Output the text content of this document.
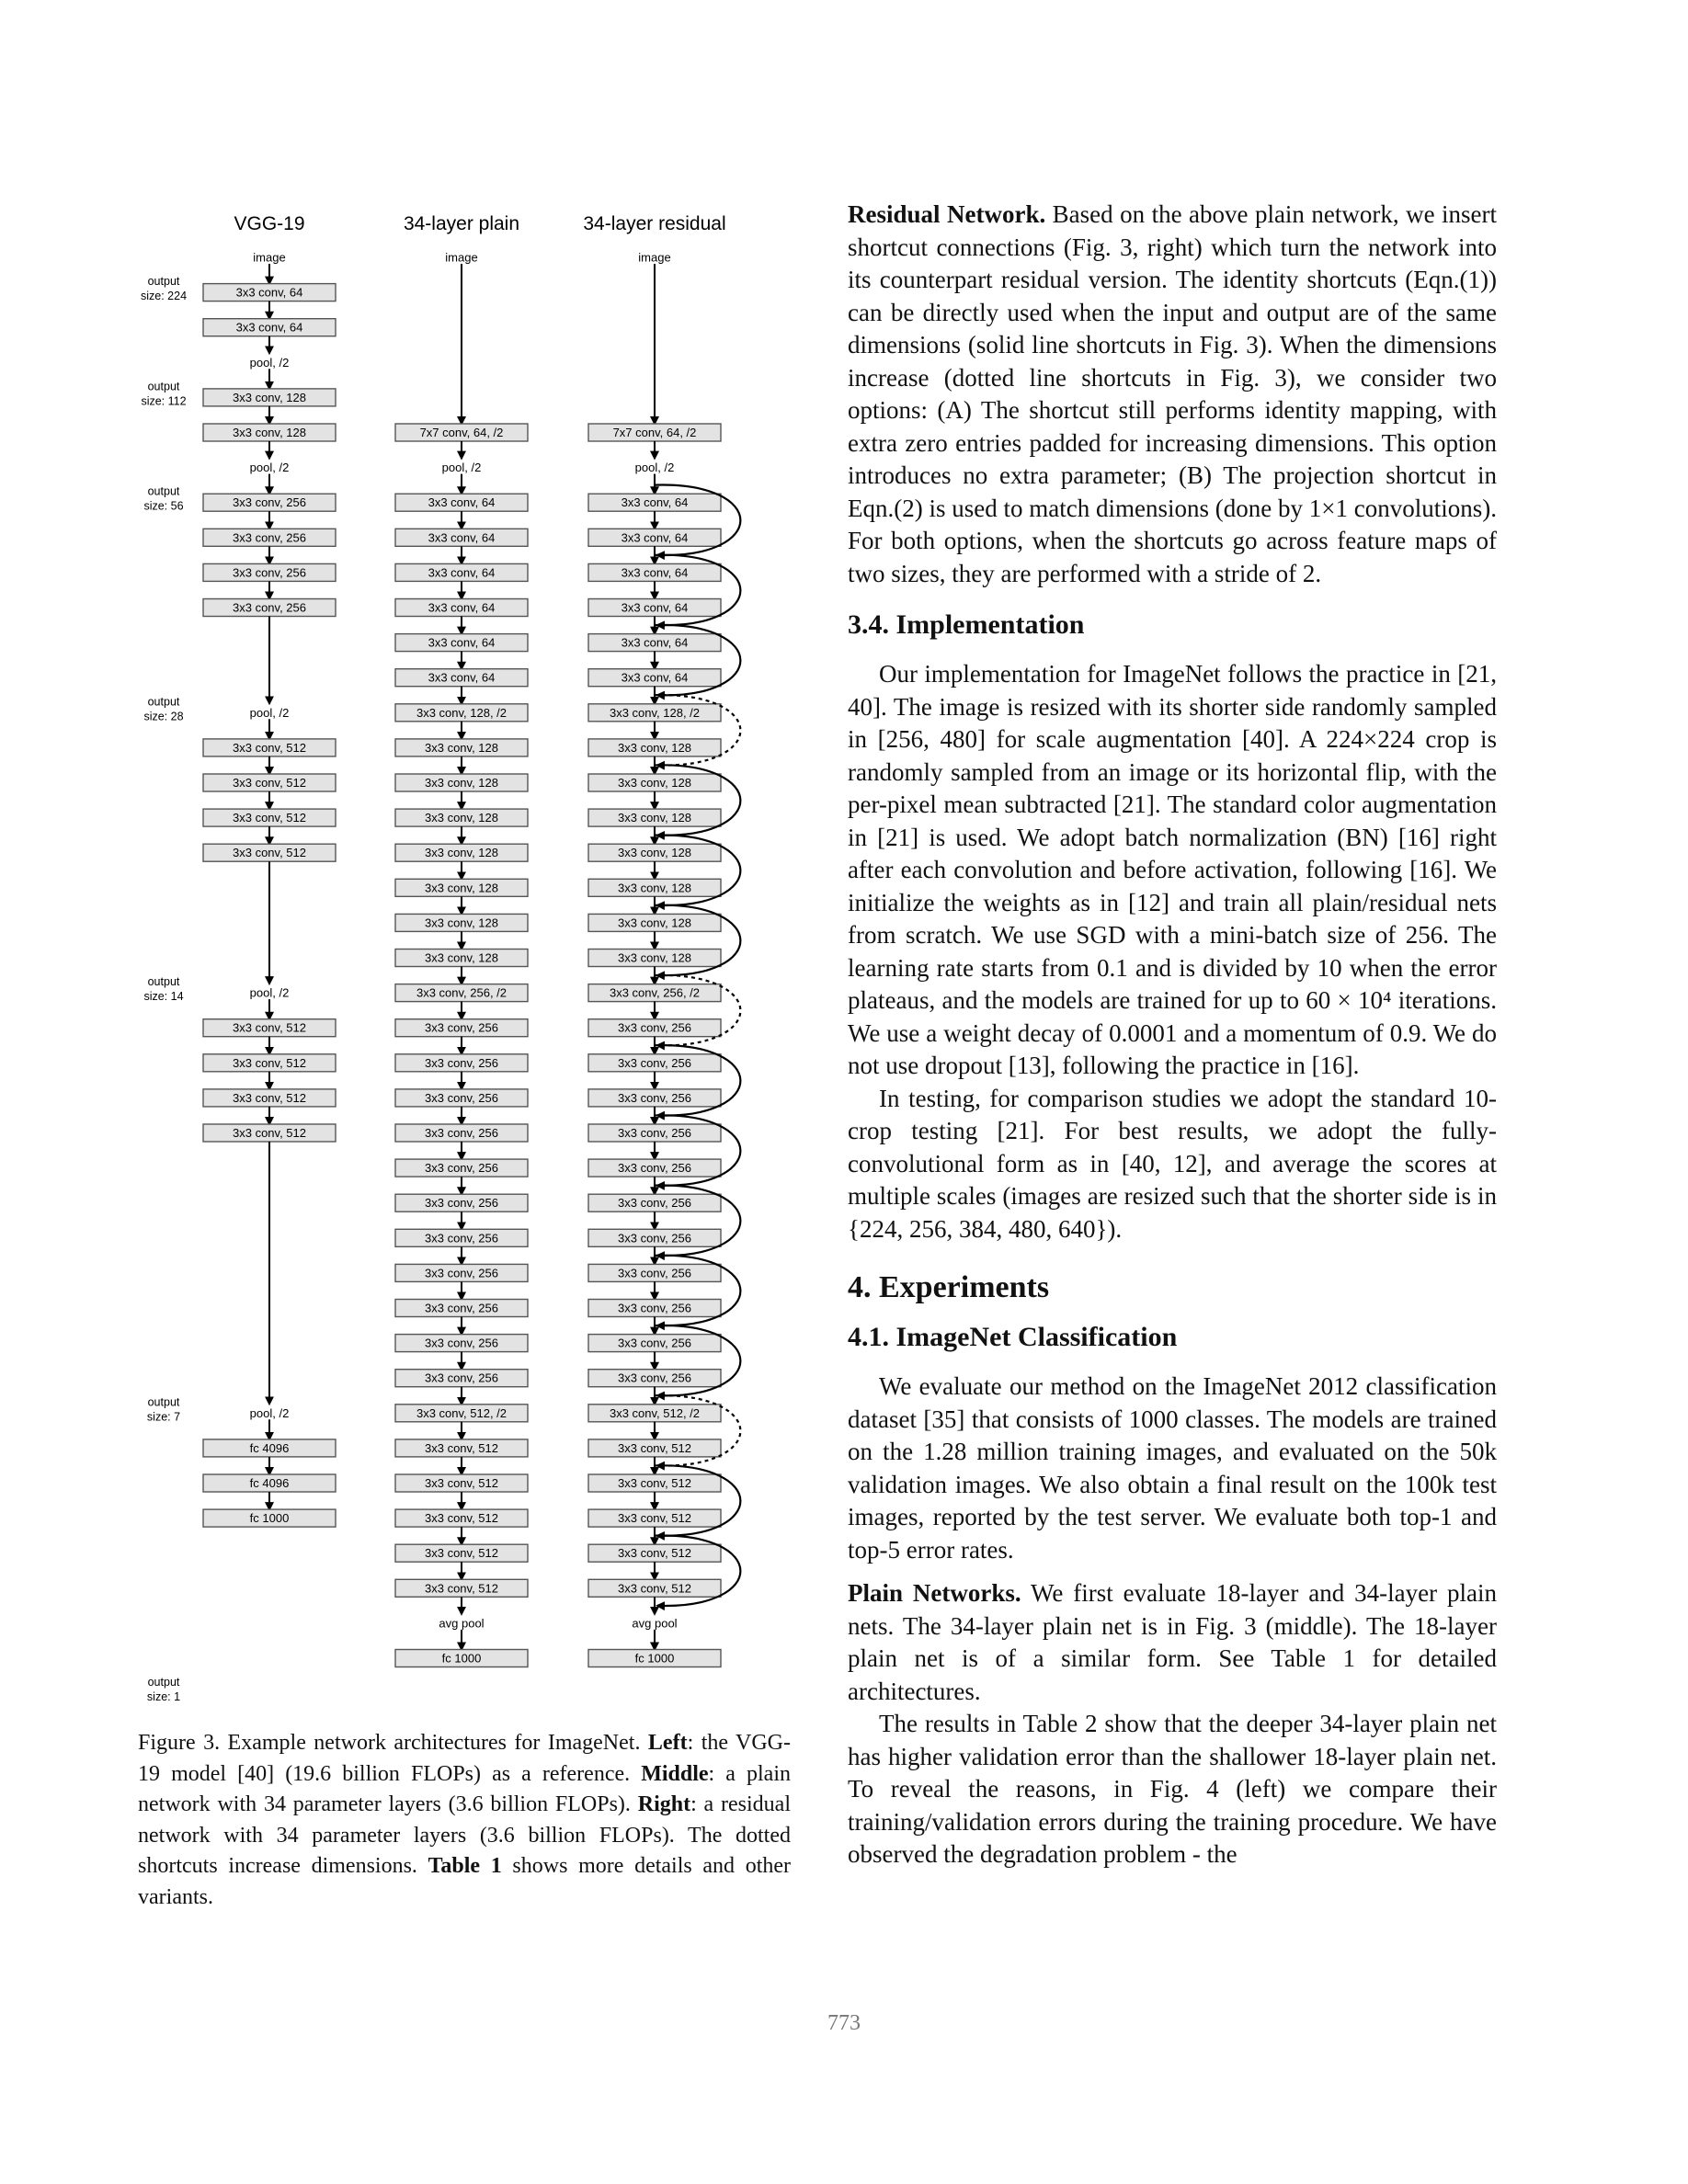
VGG-19
image
3x3 conv, 64
3x3 conv, 64
pool, /2
3x3 conv, 128
3x3 conv, 128
pool, /2
3x3 conv, 256
3x3 conv, 256
3x3 conv, 256
3x3 conv, 256
pool, /2
3x3 conv, 512
3x3 conv, 512
3x3 conv, 512
3x3 conv, 512
pool, /2
3x3 conv, 512
3x3 conv, 512
3x3 conv, 512
3x3 conv, 512
pool, /2
fc 4096
fc 4096
fc 1000
34-layer plain
image
7x7 conv, 64, /2
pool, /2
3x3 conv, 64
3x3 conv, 64
3x3 conv, 64
3x3 conv, 64
3x3 conv, 64
3x3 conv, 64
3x3 conv, 128, /2
3x3 conv, 128
3x3 conv, 128
3x3 conv, 128
3x3 conv, 128
3x3 conv, 128
3x3 conv, 128
3x3 conv, 128
3x3 conv, 256, /2
3x3 conv, 256
3x3 conv, 256
3x3 conv, 256
3x3 conv, 256
3x3 conv, 256
3x3 conv, 256
3x3 conv, 256
3x3 conv, 256
3x3 conv, 256
3x3 conv, 256
3x3 conv, 256
3x3 conv, 512, /2
3x3 conv, 512
3x3 conv, 512
3x3 conv, 512
3x3 conv, 512
3x3 conv, 512
avg pool
fc 1000
34-layer residual
image
7x7 conv, 64, /2
pool, /2
3x3 conv, 64
3x3 conv, 64
3x3 conv, 64
3x3 conv, 64
3x3 conv, 64
3x3 conv, 64
3x3 conv, 128, /2
3x3 conv, 128
3x3 conv, 128
3x3 conv, 128
3x3 conv, 128
3x3 conv, 128
3x3 conv, 128
3x3 conv, 128
3x3 conv, 256, /2
3x3 conv, 256
3x3 conv, 256
3x3 conv, 256
3x3 conv, 256
3x3 conv, 256
3x3 conv, 256
3x3 conv, 256
3x3 conv, 256
3x3 conv, 256
3x3 conv, 256
3x3 conv, 256
3x3 conv, 512, /2
3x3 conv, 512
3x3 conv, 512
3x3 conv, 512
3x3 conv, 512
3x3 conv, 512
avg pool
fc 1000
output
size: 224
output
size: 112
output
size: 56
output
size: 28
output
size: 14
output
size: 7
output
size: 1
Figure 3. Example network architectures for ImageNet. Left: the VGG-19 model [40] (19.6 billion FLOPs) as a reference. Middle: a plain network with 34 parameter layers (3.6 billion FLOPs). Right: a residual network with 34 parameter layers (3.6 billion FLOPs). The dotted shortcuts increase dimensions. Table 1 shows more details and other variants.

Residual Network. Based on the above plain network, we insert shortcut connections (Fig. 3, right) which turn the network into its counterpart residual version. The identity shortcuts (Eqn.(1)) can be directly used when the input and output are of the same dimensions (solid line shortcuts in Fig. 3). When the dimensions increase (dotted line shortcuts in Fig. 3), we consider two options: (A) The shortcut still performs identity mapping, with extra zero entries padded for increasing dimensions. This option introduces no extra parameter; (B) The projection shortcut in Eqn.(2) is used to match dimensions (done by 1×1 convolutions). For both options, when the shortcuts go across feature maps of two sizes, they are performed with a stride of 2.

3.4. Implementation

Our implementation for ImageNet follows the practice in [21, 40]. The image is resized with its shorter side randomly sampled in [256, 480] for scale augmentation [40]. A 224×224 crop is randomly sampled from an image or its horizontal flip, with the per-pixel mean subtracted [21]. The standard color augmentation in [21] is used. We adopt batch normalization (BN) [16] right after each convolution and before activation, following [16]. We initialize the weights as in [12] and train all plain/residual nets from scratch. We use SGD with a mini-batch size of 256. The learning rate starts from 0.1 and is divided by 10 when the error plateaus, and the models are trained for up to 60 × 10⁴ iterations. We use a weight decay of 0.0001 and a momentum of 0.9. We do not use dropout [13], following the practice in [16].

In testing, for comparison studies we adopt the standard 10-crop testing [21]. For best results, we adopt the fully-convolutional form as in [40, 12], and average the scores at multiple scales (images are resized such that the shorter side is in {224, 256, 384, 480, 640}).

4. Experiments
4.1. ImageNet Classification

We evaluate our method on the ImageNet 2012 classification dataset [35] that consists of 1000 classes. The models are trained on the 1.28 million training images, and evaluated on the 50k validation images. We also obtain a final result on the 100k test images, reported by the test server. We evaluate both top-1 and top-5 error rates.

Plain Networks. We first evaluate 18-layer and 34-layer plain nets. The 34-layer plain net is in Fig. 3 (middle). The 18-layer plain net is of a similar form. See Table 1 for detailed architectures.

The results in Table 2 show that the deeper 34-layer plain net has higher validation error than the shallower 18-layer plain net. To reveal the reasons, in Fig. 4 (left) we compare their training/validation errors during the training procedure. We have observed the degradation problem - the

773
